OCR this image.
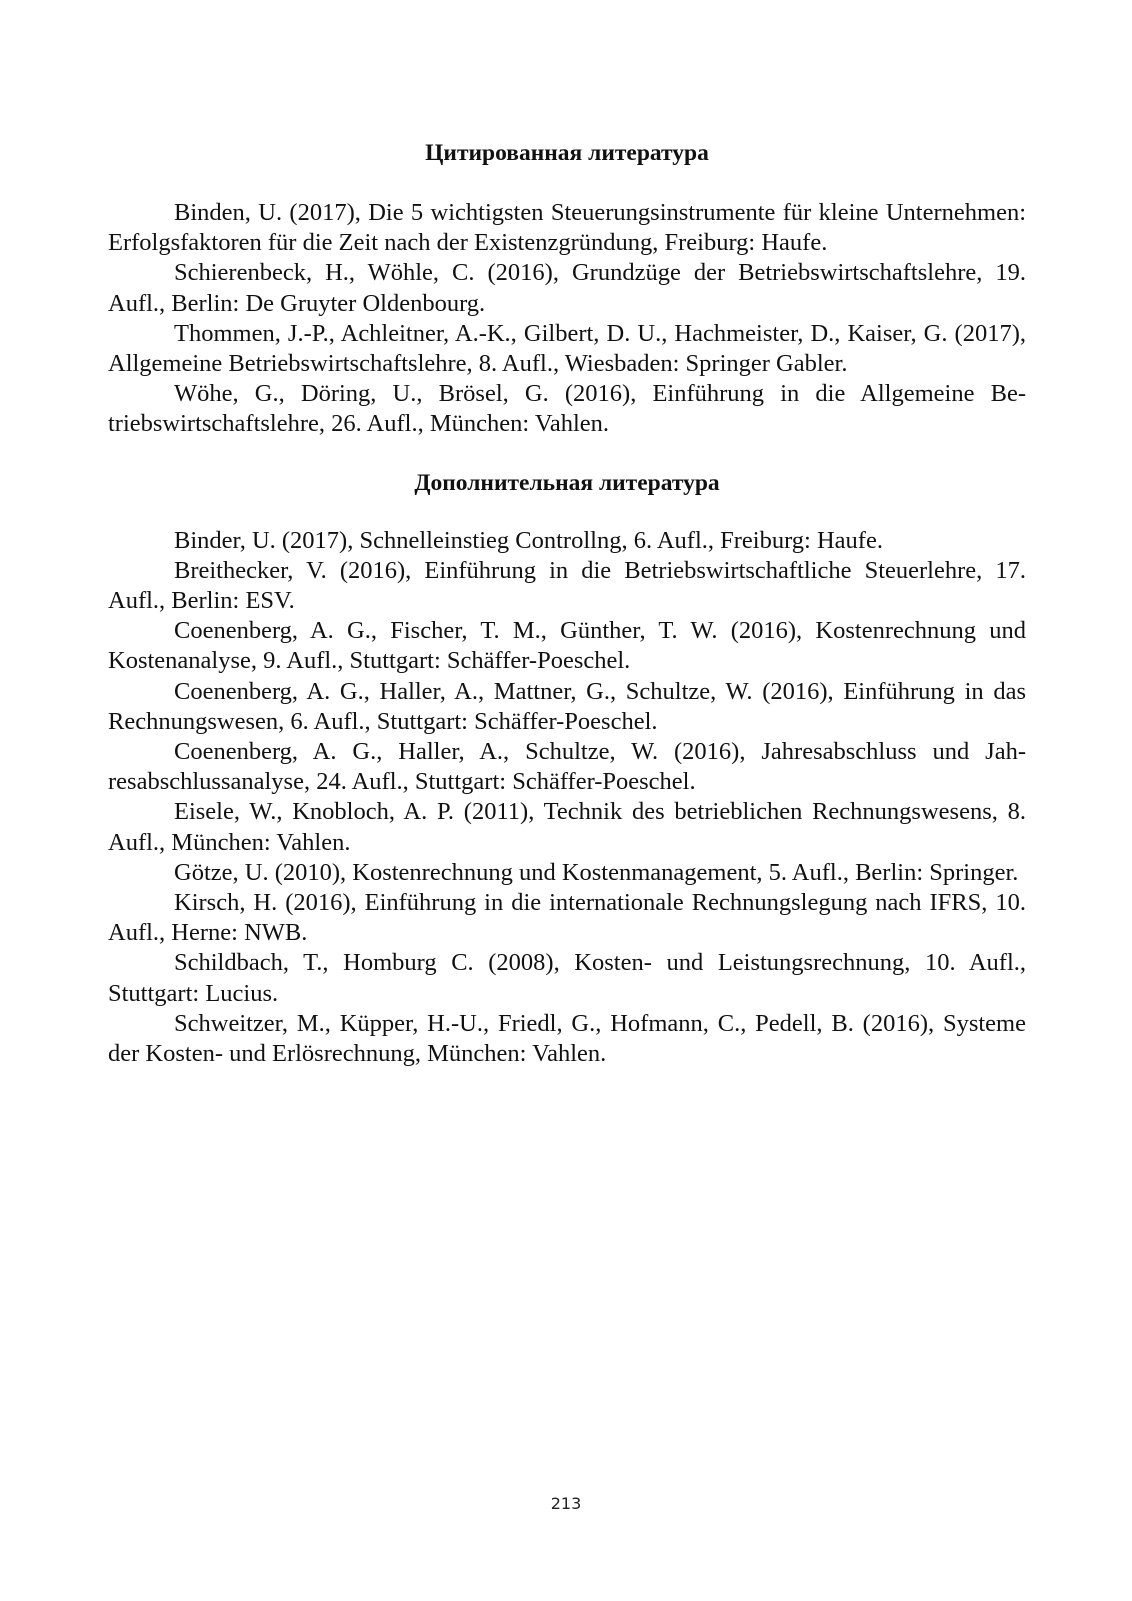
Цитированная литература

Binden, U. (2017), Die 5 wichtigsten Steuerungsinstrumente für kleine Unternehmen: Erfolgsfaktoren für die Zeit nach der Existenzgründung, Freiburg: Haufe.

Schierenbeck, H., Wöhle, C. (2016), Grundzüge der Betriebswirtschaftslehre, 19. Aufl., Berlin: De Gruyter Oldenbourg.

Thommen, J.-P., Achleitner, A.-K., Gilbert, D. U., Hachmeister, D., Kaiser, G. (2017), Allgemeine Betriebswirtschaftslehre, 8. Aufl., Wiesbaden: Springer Gabler.

Wöhe, G., Döring, U., Brösel, G. (2016), Einführung in die Allgemeine Betriebswirtschaftslehre, 26. Aufl., München: Vahlen.

Дополнительная литература

Binder, U. (2017), Schnelleinstieg Controllng, 6. Aufl., Freiburg: Haufe.

Breithecker, V. (2016), Einführung in die Betriebswirtschaftliche Steuerlehre, 17. Aufl., Berlin: ESV.

Coenenberg, A. G., Fischer, T. M., Günther, T. W. (2016), Kostenrechnung und Kostenanalyse, 9. Aufl., Stuttgart: Schäffer-Poeschel.

Coenenberg, A. G., Haller, A., Mattner, G., Schultze, W. (2016), Einführung in das Rechnungswesen, 6. Aufl., Stuttgart: Schäffer-Poeschel.

Coenenberg, A. G., Haller, A., Schultze, W. (2016), Jahresabschluss und Jahresabschlussanalyse, 24. Aufl., Stuttgart: Schäffer-Poeschel.

Eisele, W., Knobloch, A. P. (2011), Technik des betrieblichen Rechnungswesens, 8. Aufl., München: Vahlen.

Götze, U. (2010), Kostenrechnung und Kostenmanagement, 5. Aufl., Berlin: Springer.

Kirsch, H. (2016), Einführung in die internationale Rechnungslegung nach IFRS, 10. Aufl., Herne: NWB.

Schildbach, T., Homburg C. (2008), Kosten- und Leistungsrechnung, 10. Aufl., Stuttgart: Lucius.

Schweitzer, M., Küpper, H.-U., Friedl, G., Hofmann, C., Pedell, B. (2016), Systeme der Kosten- und Erlösrechnung, München: Vahlen.

213
